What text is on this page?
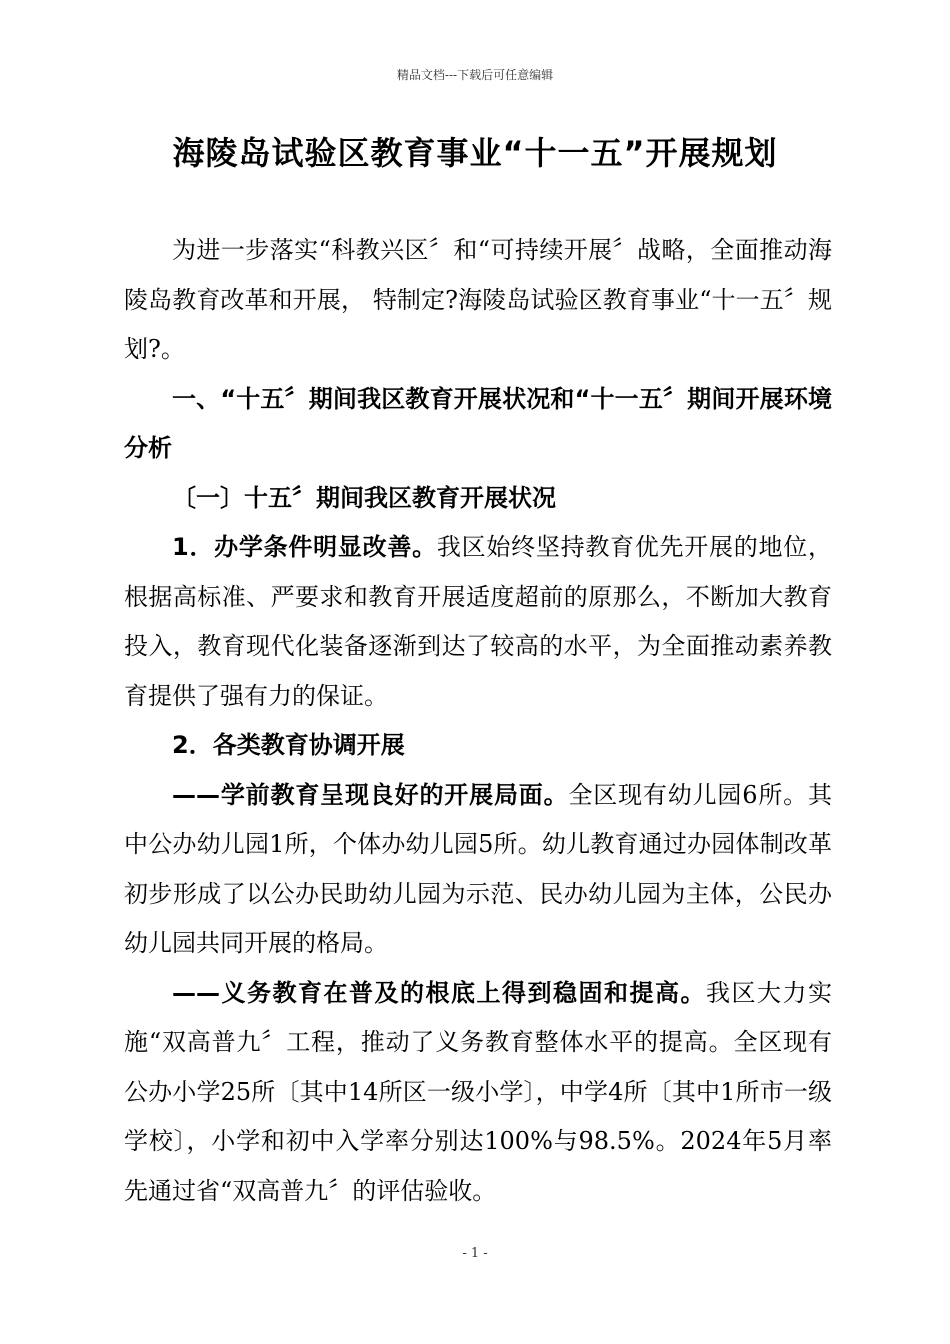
精品文档---下载后可任意编辑
海陵岛试验区教育事业“十一五”开展规划

为进一步落实“科教兴区〞和“可持续开展〞战略，全面推动海陵岛教育改革和开展， 特制定?海陵岛试验区教育事业“十一五〞规划?。

一、“十五〞期间我区教育开展状况和“十一五〞期间开展环境分析

〔一〕十五〞期间我区教育开展状况

1．办学条件明显改善。我区始终坚持教育优先开展的地位，根据高标准、严要求和教育开展适度超前的原那么，不断加大教育投入，教育现代化装备逐渐到达了较高的水平，为全面推动素养教育提供了强有力的保证。

2．各类教育协调开展

——学前教育呈现良好的开展局面。全区现有幼儿园6所。其中公办幼儿园1所，个体办幼儿园5所。幼儿教育通过办园体制改革初步形成了以公办民助幼儿园为示范、民办幼儿园为主体，公民办幼儿园共同开展的格局。

——义务教育在普及的根底上得到稳固和提高。我区大力实施“双高普九〞工程，推动了义务教育整体水平的提高。全区现有公办小学25所〔其中14所区一级小学〕，中学4所〔其中1所市一级学校〕，小学和初中入学率分别达100%与98.5%。2024年5月率先通过省“双高普九〞的评估验收。

- 1 -
